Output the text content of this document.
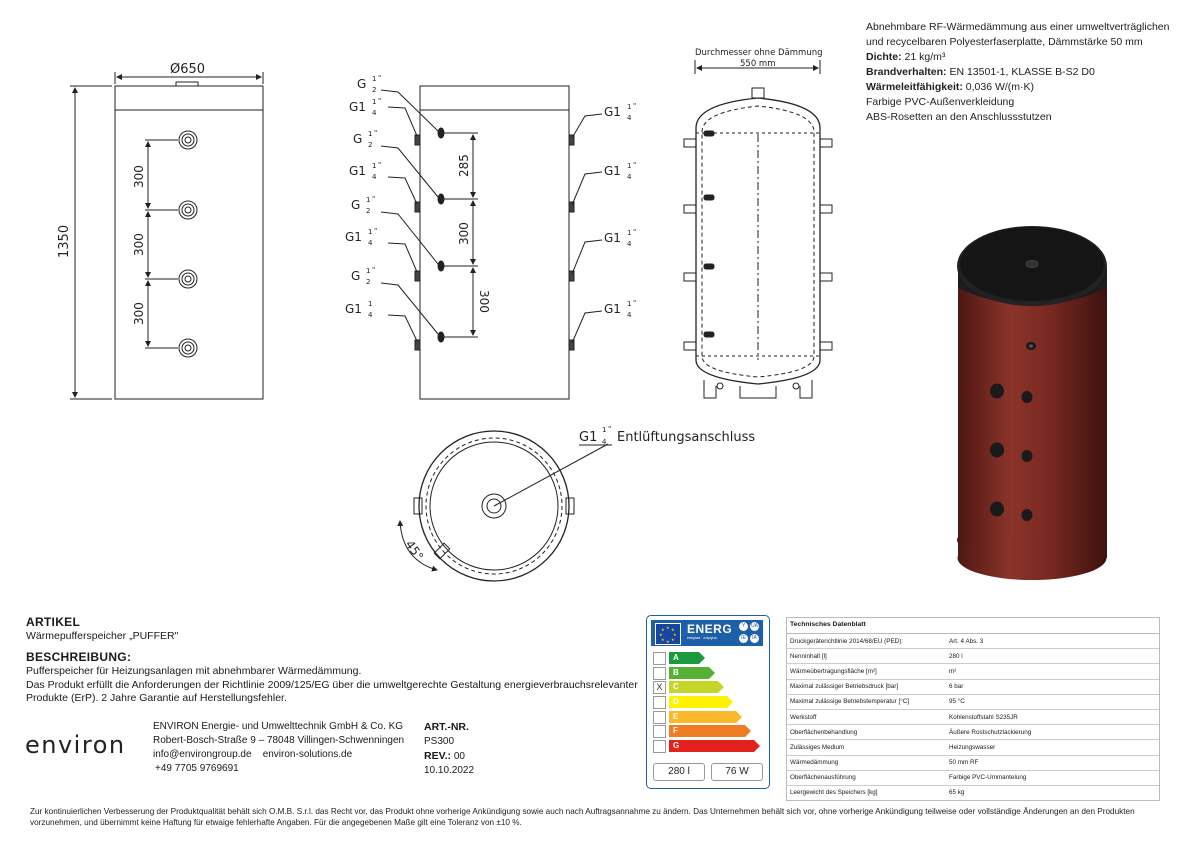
Ø650
1350
300
300
300
285
300
300
G 1
2
"
G1 1
4
"
G 1
2
"
G1 1
4
"
G 1
2
"
G1 1
4
"
G 1
2
"
G1 1
4
G1 1
4
"
G1 1
4
"
G1 1
4
"
G1 1
4
"
Durchmesser ohne Dämmung
550 mm
G1 1
4
"
Entlüftungsanschluss
45°
Abnehmbare RF-Wärmedämmung aus einer umweltverträglichen
und recycelbaren Polyesterfaserplatte, Dämmstärke 50 mm
Dichte: 21 kg/m³
Brandverhalten: EN 13501-1, KLASSE B-S2 D0
Wärmeleitfähigkeit: 0,036 W/(m·K)
Farbige PVC-Außenverkleidung
ABS-Rosetten an den Anschlussstutzen
ARTIKEL
Wärmepufferspeicher „PUFFER"
BESCHREIBUNG:
Pufferspeicher für Heizungsanlagen mit abnehmbarer Wärmedämmung.
Das Produkt erfüllt die Anforderungen der Richtlinie 2009/125/EG über die umweltgerechte Gestaltung energieverbrauchsrelevanter
Produkte (ErP). 2 Jahre Garantie auf Herstellungsfehler.
environ
ENVIRON Energie- und Umwelttechnik GmbH & Co. KG
Robert-Bosch-Straße 9 – 78048 Villingen-Schwenningen
info@environgroup.de environ-solutions.de
+49 7705 9769691
ART.-NR.
PS300
REV.: 00
10.10.2022
★ ★
★
★
★
★
★
★ ENERG
енергия · ενέργεια
Y	UA
IE	IA
A
B
X	C
D
E
F
G
280 l	76 W
Technisches Datenblatt
Druckgeräterichtlinie 2014/68/EU (PED):	Art. 4 Abs. 3
Nenninhalt [l]	280 l
Wärmeübertragungsfläche [m²]	m²
Maximal zulässiger Betriebsdruck [bar]	6 bar
Maximal zulässige Betriebstemperatur [°C]	95 °C
Werkstoff	Kohlenstoffstahl S235JR
Oberflächenbehandlung	Äußere Rostschutzlackierung
Zulässiges Medium	Heizungswasser
Wärmedämmung	50 mm RF
Oberflächenausführung	Farbige PVC-Ummantelung
Leergewicht des Speichers [kg]	65 kg
Zur kontinuierlichen Verbesserung der Produktqualität behält sich O.M.B. S.r.l. das Recht vor, das Produkt ohne vorherige Ankündigung sowie auch nach Auftragsannahme zu ändern. Das Unternehmen behält sich vor, ohne vorherige Ankündigung teilweise oder vollständige Änderungen an den Produkten
vorzunehmen, und übernimmt keine Haftung für etwaige fehlerhafte Angaben. Für die angegebenen Maße gilt eine Toleranz von ±10 %.
